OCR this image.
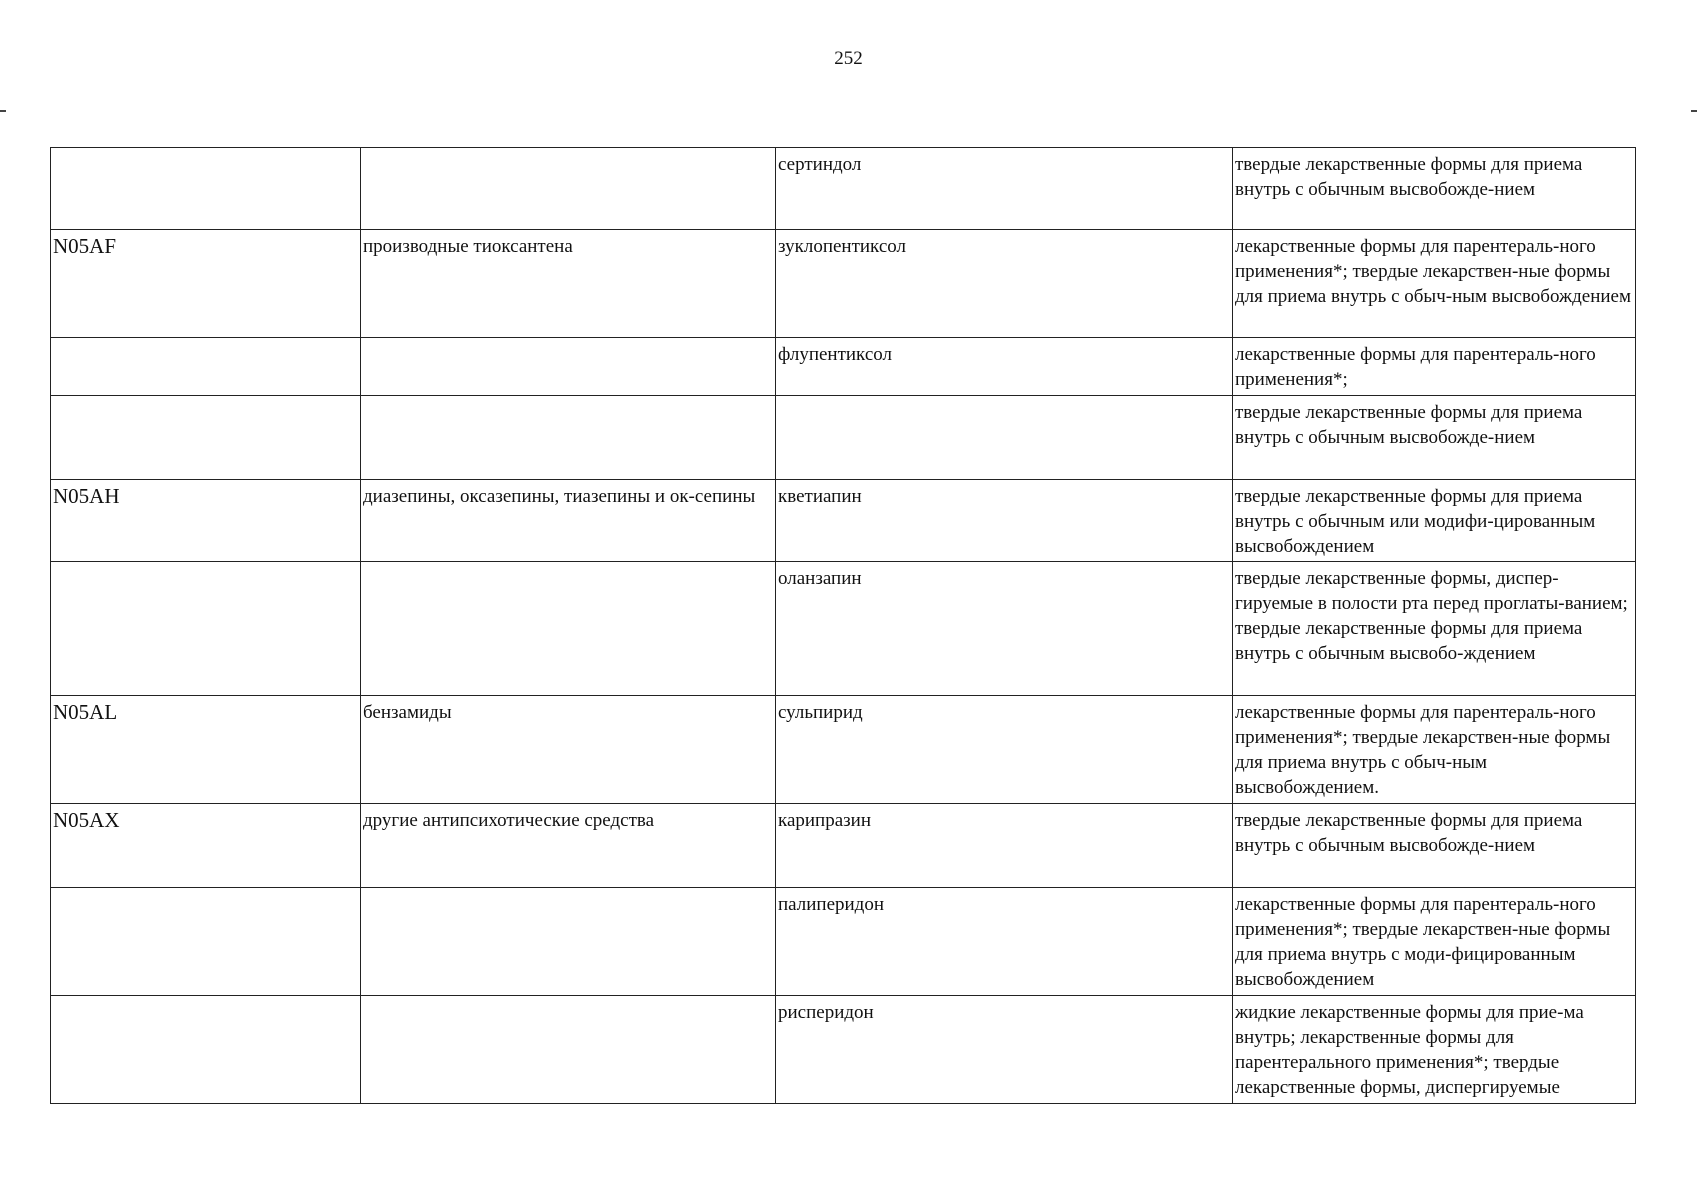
252
		сертиндол	твердые лекарственные формы для приема внутрь с обычным высвобожде-нием
N05AF	производные тиоксантена	зуклопентиксол	лекарственные формы для парентераль-ного применения*; твердые лекарствен-ные формы для приема внутрь с обыч-ным высвобождением
		флупентиксол	лекарственные формы для парентераль-ного применения*;
			твердые лекарственные формы для приема внутрь с обычным высвобожде-нием
N05AH	диазепины, оксазепины, тиазепины и ок-сепины	кветиапин	твердые лекарственные формы для приема внутрь с обычным или модифи-цированным высвобождением
		оланзапин	твердые лекарственные формы, диспер-гируемые в полости рта перед проглаты-ванием; твердые лекарственные формы для приема внутрь с обычным высвобо-ждением
N05AL	бензамиды	сульпирид	лекарственные формы для парентераль-ного применения*; твердые лекарствен-ные формы для приема внутрь с обыч-ным высвобождением.
N05AX	другие антипсихотические средства	карипразин	твердые лекарственные формы для приема внутрь с обычным высвобожде-нием
		палиперидон	лекарственные формы для парентераль-ного применения*; твердые лекарствен-ные формы для приема внутрь с моди-фицированным высвобождением
		рисперидон	жидкие лекарственные формы для прие-ма внутрь; лекарственные формы для парентерального применения*; твердые лекарственные формы, диспергируемые
